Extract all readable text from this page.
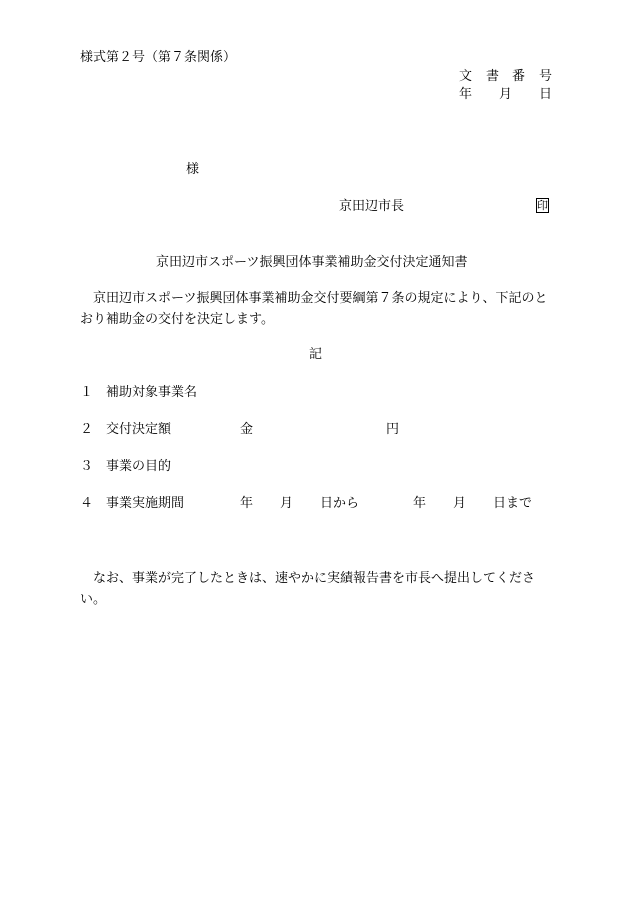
様式第２号（第７条関係）
文 書 番 号
年 月 日
様
京田辺市長	印
京田辺市スポーツ振興団体事業補助金交付決定通知書
　京田辺市スポーツ振興団体事業補助金交付要綱第７条の規定により、下記のとおり補助金の交付を決定します。
記
１ 補助対象事業名
２ 交付決定額	金	円
３ 事業の目的
４ 事業実施期間	年 月 日から	年 月 日まで
　なお、事業が完了したときは、速やかに実績報告書を市長へ提出してください。
